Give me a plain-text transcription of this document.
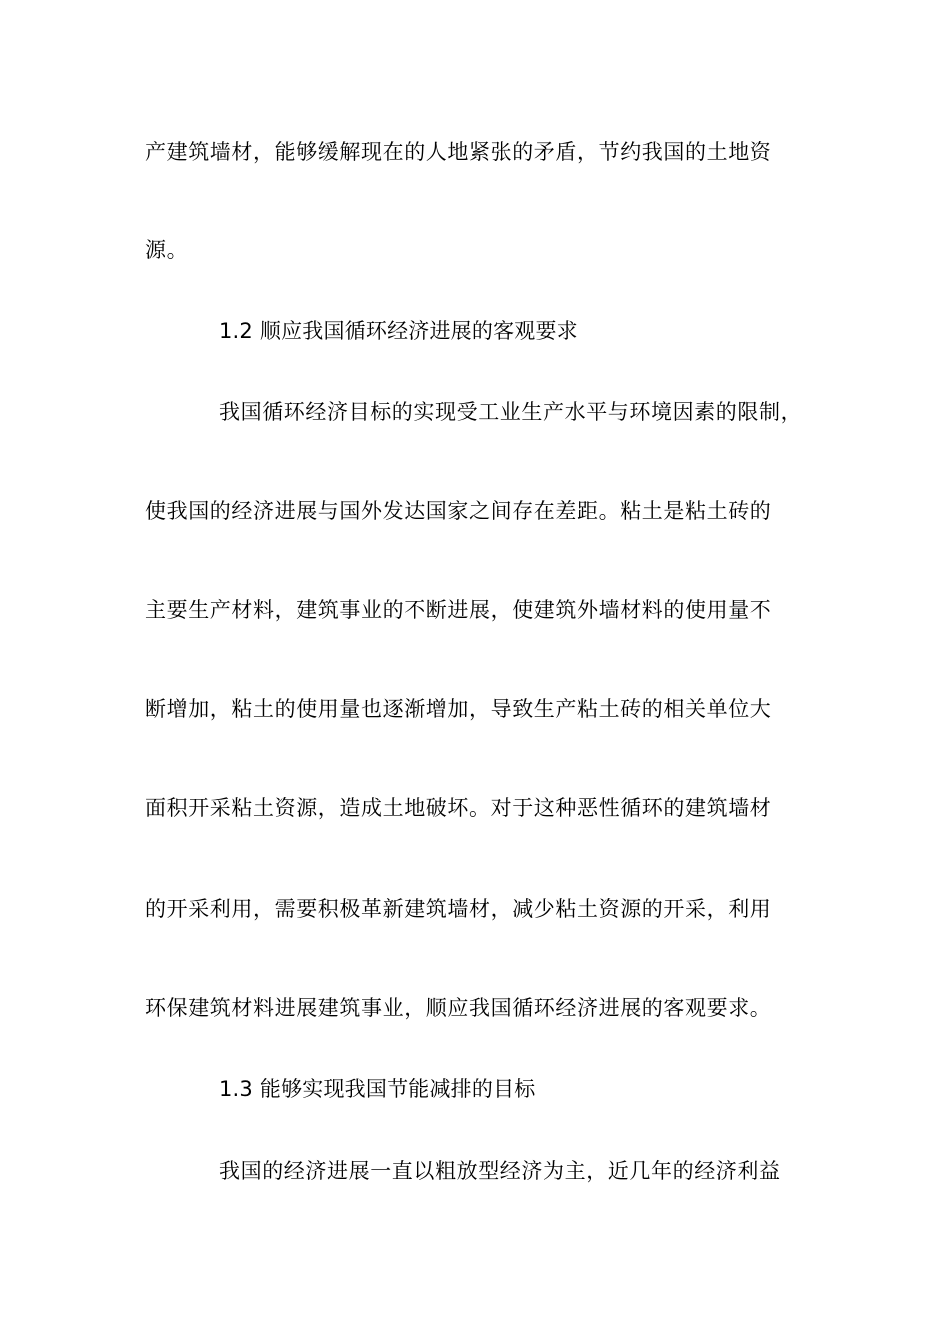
产建筑墙材，能够缓解现在的人地紧张的矛盾，节约我国的土地资
源。
1.2 顺应我国循环经济进展的客观要求
我国循环经济目标的实现受工业生产水平与环境因素的限制，
使我国的经济进展与国外发达国家之间存在差距。粘土是粘土砖的
主要生产材料，建筑事业的不断进展，使建筑外墙材料的使用量不
断增加，粘土的使用量也逐渐增加，导致生产粘土砖的相关单位大
面积开采粘土资源，造成土地破坏。对于这种恶性循环的建筑墙材
的开采利用，需要积极革新建筑墙材，减少粘土资源的开采，利用
环保建筑材料进展建筑事业，顺应我国循环经济进展的客观要求。
1.3 能够实现我国节能减排的目标
我国的经济进展一直以粗放型经济为主，近几年的经济利益
